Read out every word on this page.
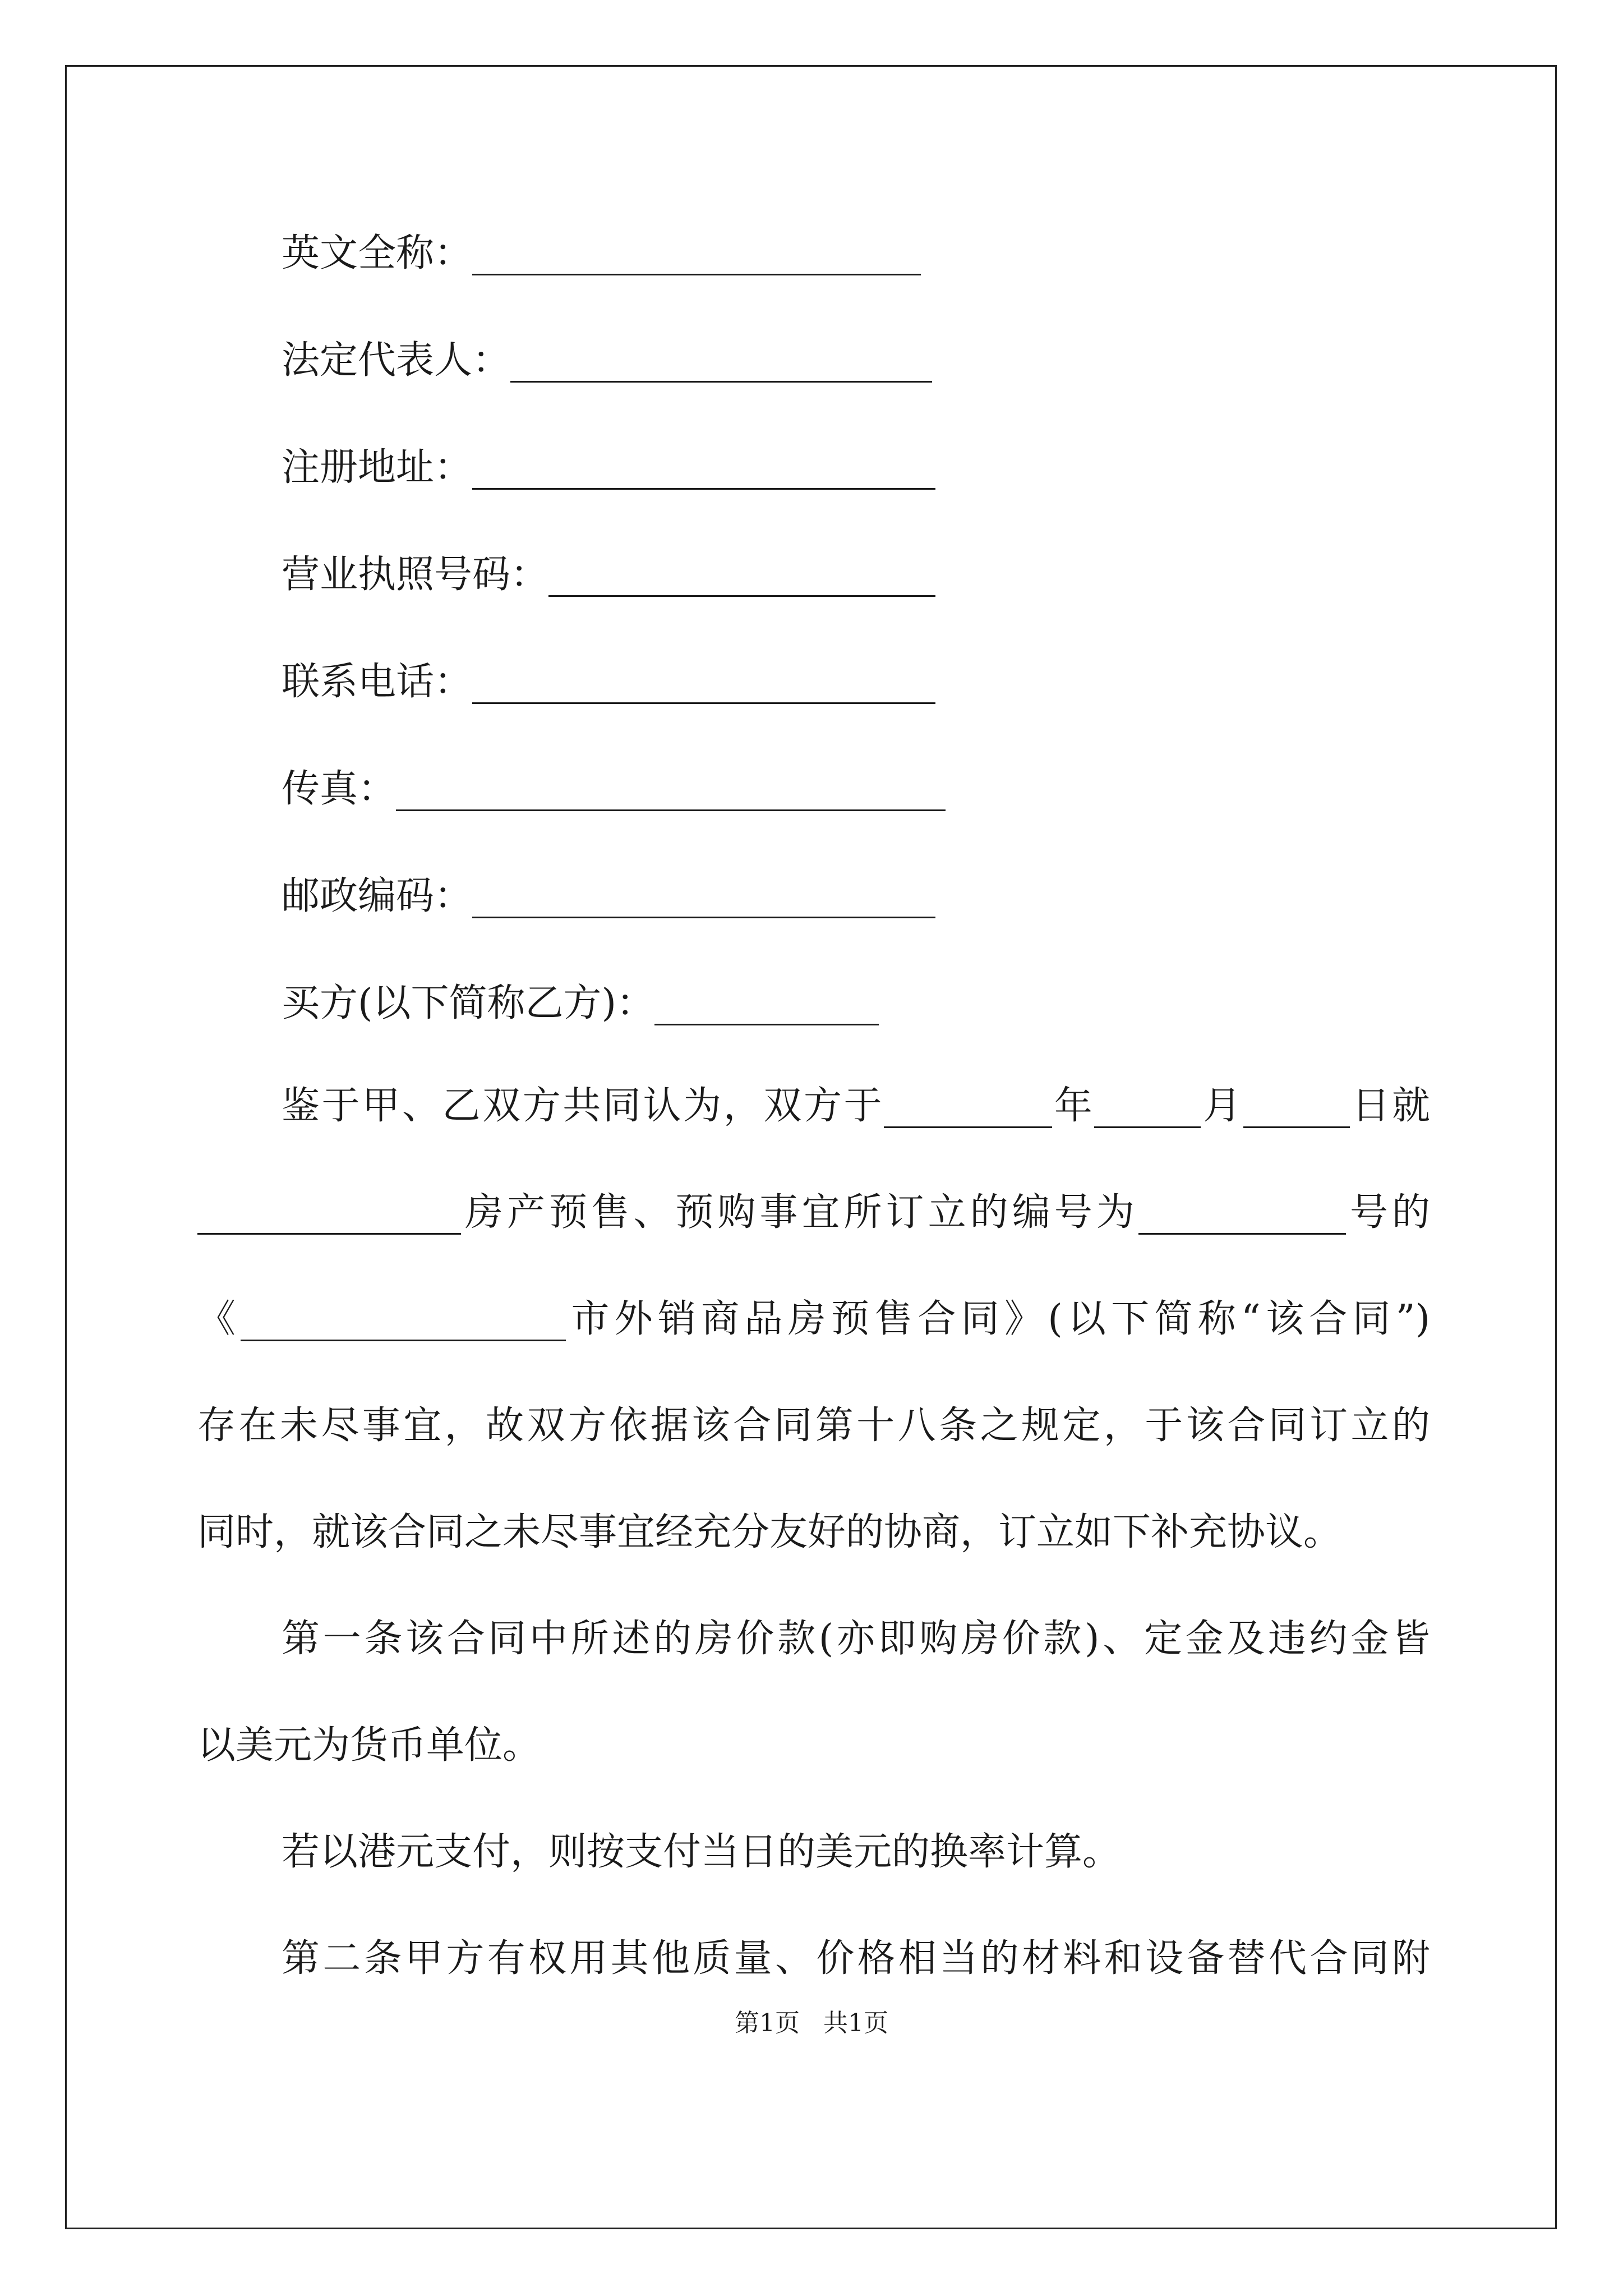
英文全称：
法定代表人：
注册地址：
营业执照号码：
联系电话：
传真：
邮政编码：
买方(以下简称乙方)：
鉴于甲、乙双方共同认为，双方于	年	月	日就
房产预售、预购事宜所订立的编号为	号的
《	市外销商品房预售合同》(以下简称“该合同”)
存在未尽事宜，故双方依据该合同第十八条之规定，于该合同订立的
同时，就该合同之未尽事宜经充分友好的协商，订立如下补充协议。
第一条该合同中所述的房价款(亦即购房价款)、定金及违约金皆
以美元为货币单位。
若以港元支付，则按支付当日的美元的换率计算。
第二条甲方有权用其他质量、价格相当的材料和设备替代合同附
第1页   共1页
